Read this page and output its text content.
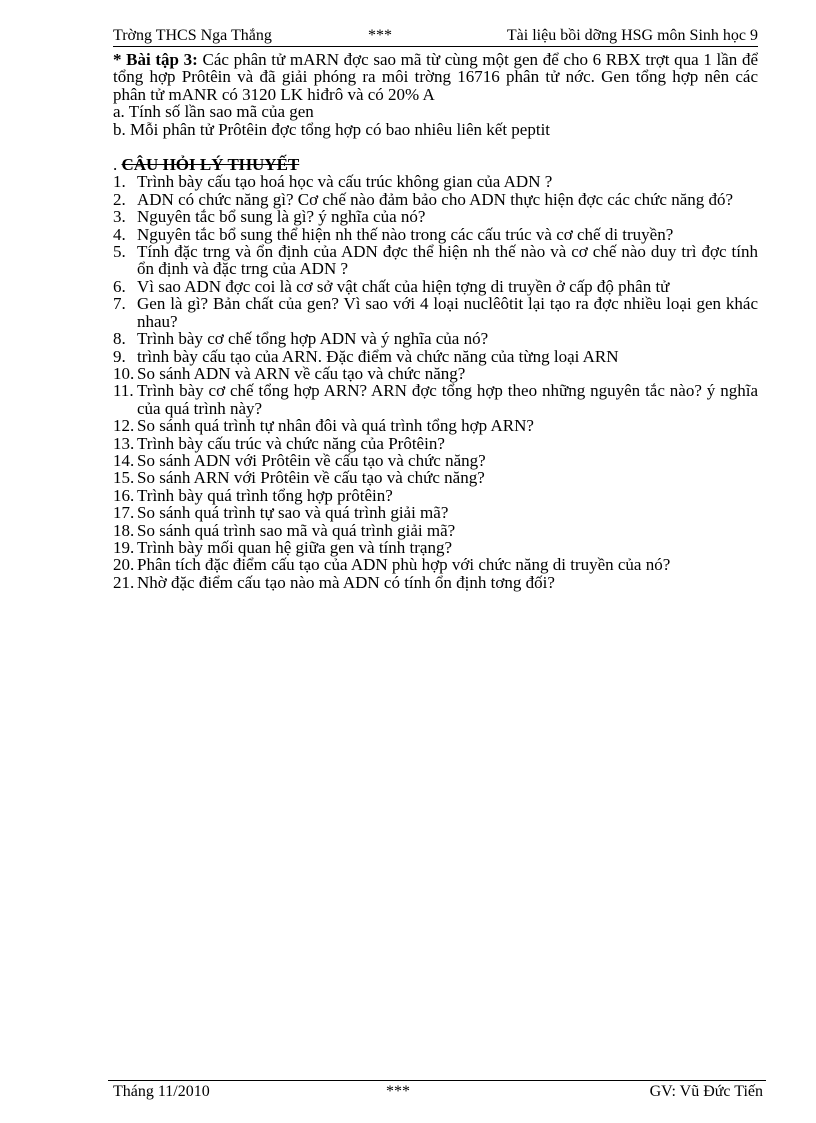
Trờng THCS Nga Thắng	***	Tài liệu bồi dỡng HSG môn Sinh học 9
* Bài tập 3: Các phân tử mARN đợc sao mã từ cùng một gen để cho 6 RBX trợt qua 1 lần để tổng hợp Prôtêin và đã giải phóng ra môi trờng 16716 phân tử nớc. Gen tổng hợp nên các phân tử mANR có 3120 LK hiđrô và có 20% A
a. Tính số lần sao mã của gen
b. Mỗi phân tử Prôtêin đợc tổng hợp có bao nhiêu liên kết peptit
. CÂU HỎI LÝ THUYẾT
1. Trình bày cấu tạo hoá học và cấu trúc không gian của ADN ?
2. ADN có chức năng gì? Cơ chế nào đảm bảo cho ADN thực hiện đợc các chức năng đó?
3. Nguyên tắc bổ sung là gì? ý nghĩa của nó?
4. Nguyên tắc bổ sung thể hiện nh thế nào trong các cấu trúc và cơ chế di truyền?
5. Tính đặc trng và ổn định của ADN đợc thể hiện nh thế nào và cơ chế nào duy trì đợc tính ổn định và đặc trng của ADN ?
6. Vì sao ADN đợc coi là cơ sở vật chất của hiện tợng di truyền ở cấp độ phân tử
7. Gen là gì? Bản chất của gen? Vì sao với 4 loại nuclêôtit lại tạo ra đợc nhiều loại gen khác nhau?
8. Trình bày cơ chế tổng hợp ADN và ý nghĩa của nó?
9. trình bày cấu tạo của ARN. Đặc điểm và chức năng của từng loại ARN
10. So sánh ADN và ARN về cấu tạo và chức năng?
11. Trình bày cơ chế tổng hợp ARN? ARN đợc tổng hợp theo những nguyên tắc nào? ý nghĩa của quá trình này?
12. So sánh quá trình tự nhân đôi và quá trình tổng hợp ARN?
13. Trình bày cấu trúc và chức năng của Prôtêin?
14. So sánh ADN với Prôtêin về cấu tạo và chức năng?
15. So sánh ARN với Prôtêin về cấu tạo và chức năng?
16. Trình bày quá trình tổng hợp prôtêin?
17. So sánh quá trình tự sao và quá trình giải mã?
18. So sánh quá trình sao mã và quá trình giải mã?
19. Trình bày mối quan hệ giữa gen và tính trạng?
20. Phân tích đặc điểm cấu tạo của ADN phù hợp với chức năng di truyền của nó?
21. Nhờ đặc điểm cấu tạo nào mà ADN có tính ổn định tơng đối?
Tháng 11/2010	***	GV: Vũ Đức Tiến
